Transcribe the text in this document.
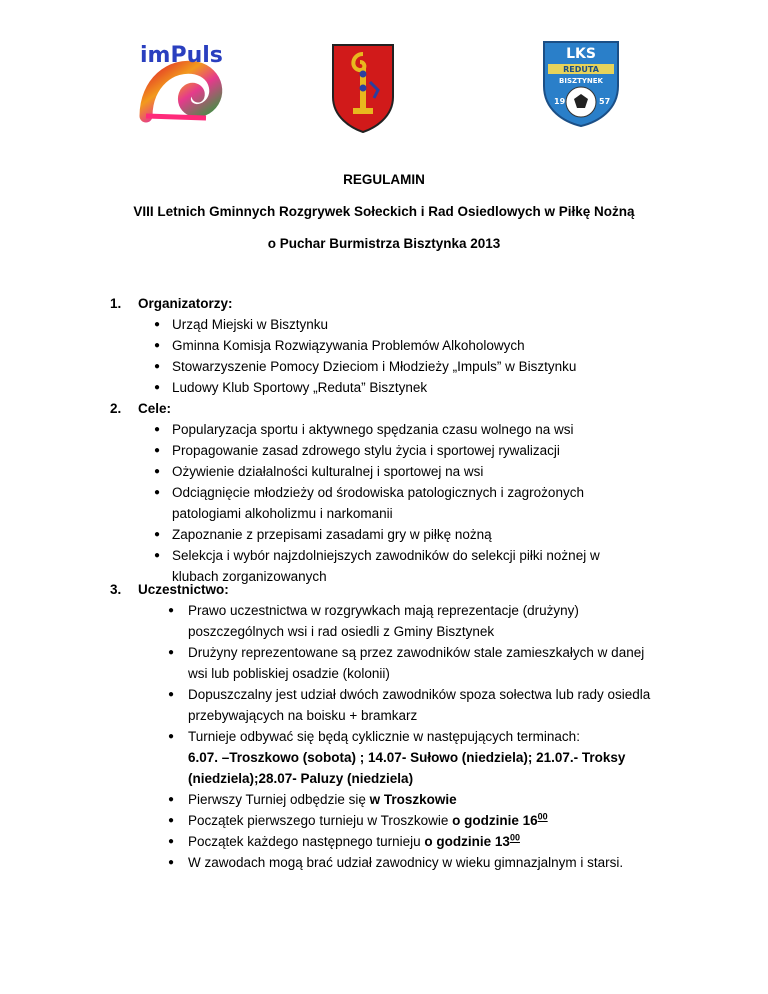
imPuls	LKS
REDUTA
BISZTYNEK
19	57
REGULAMIN
VIII Letnich Gminnych Rozgrywek Sołeckich i Rad Osiedlowych w Piłkę Nożną
o Puchar Burmistrza Bisztynka 2013
1. Organizatorzy:
● Urząd Miejski w Bisztynku
● Gminna Komisja Rozwiązywania Problemów Alkoholowych
● Stowarzyszenie Pomocy Dzieciom i Młodzieży „Impuls” w Bisztynku
● Ludowy Klub Sportowy „Reduta” Bisztynek
2. Cele:
● Popularyzacja sportu i aktywnego spędzania czasu wolnego na wsi
● Propagowanie zasad zdrowego stylu życia i sportowej rywalizacji
● Ożywienie działalności kulturalnej i sportowej na wsi
● Odciągnięcie młodzieży od środowiska patologicznych i zagrożonych
patologiami alkoholizmu i narkomanii
● Zapoznanie z przepisami zasadami gry w piłkę nożną
● Selekcja i wybór najzdolniejszych zawodników do selekcji piłki nożnej w
klubach zorganizowanych
3. Uczestnictwo:
● Prawo uczestnictwa w rozgrywkach mają reprezentacje (drużyny)
poszczególnych wsi i rad osiedli z Gminy Bisztynek
● Drużyny reprezentowane są przez zawodników stale zamieszkałych w danej
wsi lub pobliskiej osadzie (kolonii)
● Dopuszczalny jest udział dwóch zawodników spoza sołectwa lub rady osiedla
przebywających na boisku + bramkarz
● Turnieje odbywać się będą cyklicznie w następujących terminach:
6.07. –Troszkowo (sobota) ; 14.07- Sułowo (niedziela); 21.07.- Troksy
(niedziela);28.07- Paluzy (niedziela)
● Pierwszy Turniej odbędzie się w Troszkowie
● Początek pierwszego turnieju w Troszkowie o godzinie $16^{00}$
● Początek każdego następnego turnieju o godzinie $13^{00}$
● W zawodach mogą brać udział zawodnicy w wieku gimnazjalnym i starsi.
